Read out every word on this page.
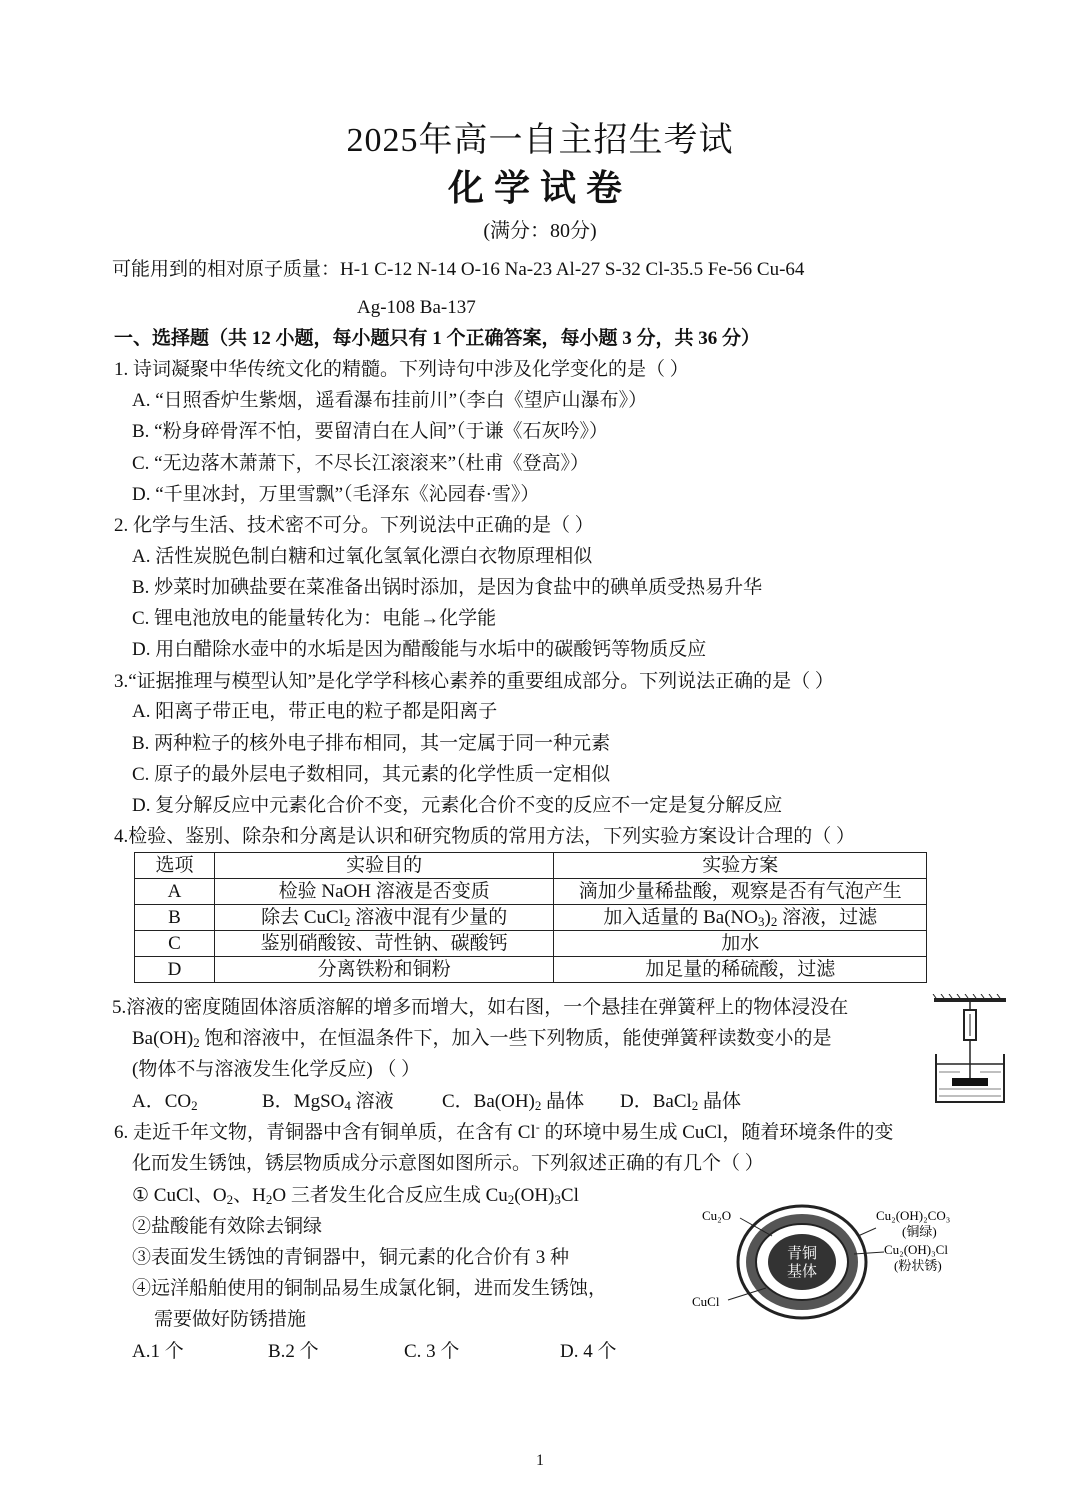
2025年高一自主招生考试
化学试卷
(满分：80分)
可能用到的相对原子质量：H-1 C-12 N-14 O-16 Na-23 Al-27 S-32 Cl-35.5 Fe-56 Cu-64
Ag-108 Ba-137
一、选择题（共 12 小题，每小题只有 1 个正确答案，每小题 3 分，共 36 分）
1. 诗词凝聚中华传统文化的精髓。下列诗句中涉及化学变化的是（ ）
A. “日照香炉生紫烟，遥看瀑布挂前川”（李白《望庐山瀑布》）
B. “粉身碎骨浑不怕，要留清白在人间”（于谦《石灰吟》）
C. “无边落木萧萧下，不尽长江滚滚来”（杜甫《登高》）
D. “千里冰封，万里雪飘”（毛泽东《沁园春·雪》）
2. 化学与生活、技术密不可分。下列说法中正确的是（ ）
A. 活性炭脱色制白糖和过氧化氢氧化漂白衣物原理相似
B. 炒菜时加碘盐要在菜准备出锅时添加，是因为食盐中的碘单质受热易升华
C. 锂电池放电的能量转化为：电能→化学能
D. 用白醋除水壶中的水垢是因为醋酸能与水垢中的碳酸钙等物质反应
3.“证据推理与模型认知”是化学学科核心素养的重要组成部分。下列说法正确的是（ ）
A. 阳离子带正电，带正电的粒子都是阳离子
B. 两种粒子的核外电子排布相同，其一定属于同一种元素
C. 原子的最外层电子数相同，其元素的化学性质一定相似
D. 复分解反应中元素化合价不变，元素化合价不变的反应不一定是复分解反应
4.检验、鉴别、除杂和分离是认识和研究物质的常用方法，下列实验方案设计合理的（ ）
选项	实验目的	实验方案
A	检验 NaOH 溶液是否变质	滴加少量稀盐酸，观察是否有气泡产生
B	除去 CuCl$_2$ 溶液中混有少量的	加入适量的 $Ba(NO_3)_2$ 溶液，过滤
C	鉴别硝酸铵、苛性钠、碳酸钙	加水
D	分离铁粉和铜粉	加足量的稀硫酸，过滤
5.溶液的密度随固体溶质溶解的增多而增大，如右图，一个悬挂在弹簧秤上的物体浸没在
$Ba(OH)_2$ 饱和溶液中，在恒温条件下，加入一些下列物质，能使弹簧秤读数变小的是
(物体不与溶液发生化学反应) （ ）
A．$CO_2$	B．MgSO$_4$ 溶液	C．$Ba(OH)_2$ 晶体 D．BaCl$_2$ 晶体
6. 走近千年文物，青铜器中含有铜单质，在含有 Cl- 的环境中易生成 CuCl，随着环境条件的变
化而发生锈蚀，锈层物质成分示意图如图所示。下列叙述正确的有几个（ ）
① CuCl、$O_2$、$H_2O$ 三者发生化合反应生成 $Cu_2(OH)_3Cl$
②盐酸能有效除去铜绿
③表面发生锈蚀的青铜器中，铜元素的化合价有 3 种
④远洋船舶使用的铜制品易生成氯化铜，进而发生锈蚀，
需要做好防锈措施
A.1 个	B.2 个	C. 3 个	D. 4 个
青铜
基体
Cu₂O
CuCl
Cu₂(OH)₂CO₃
(铜绿)
Cu₂(OH)₃Cl
(粉状锈)
1
